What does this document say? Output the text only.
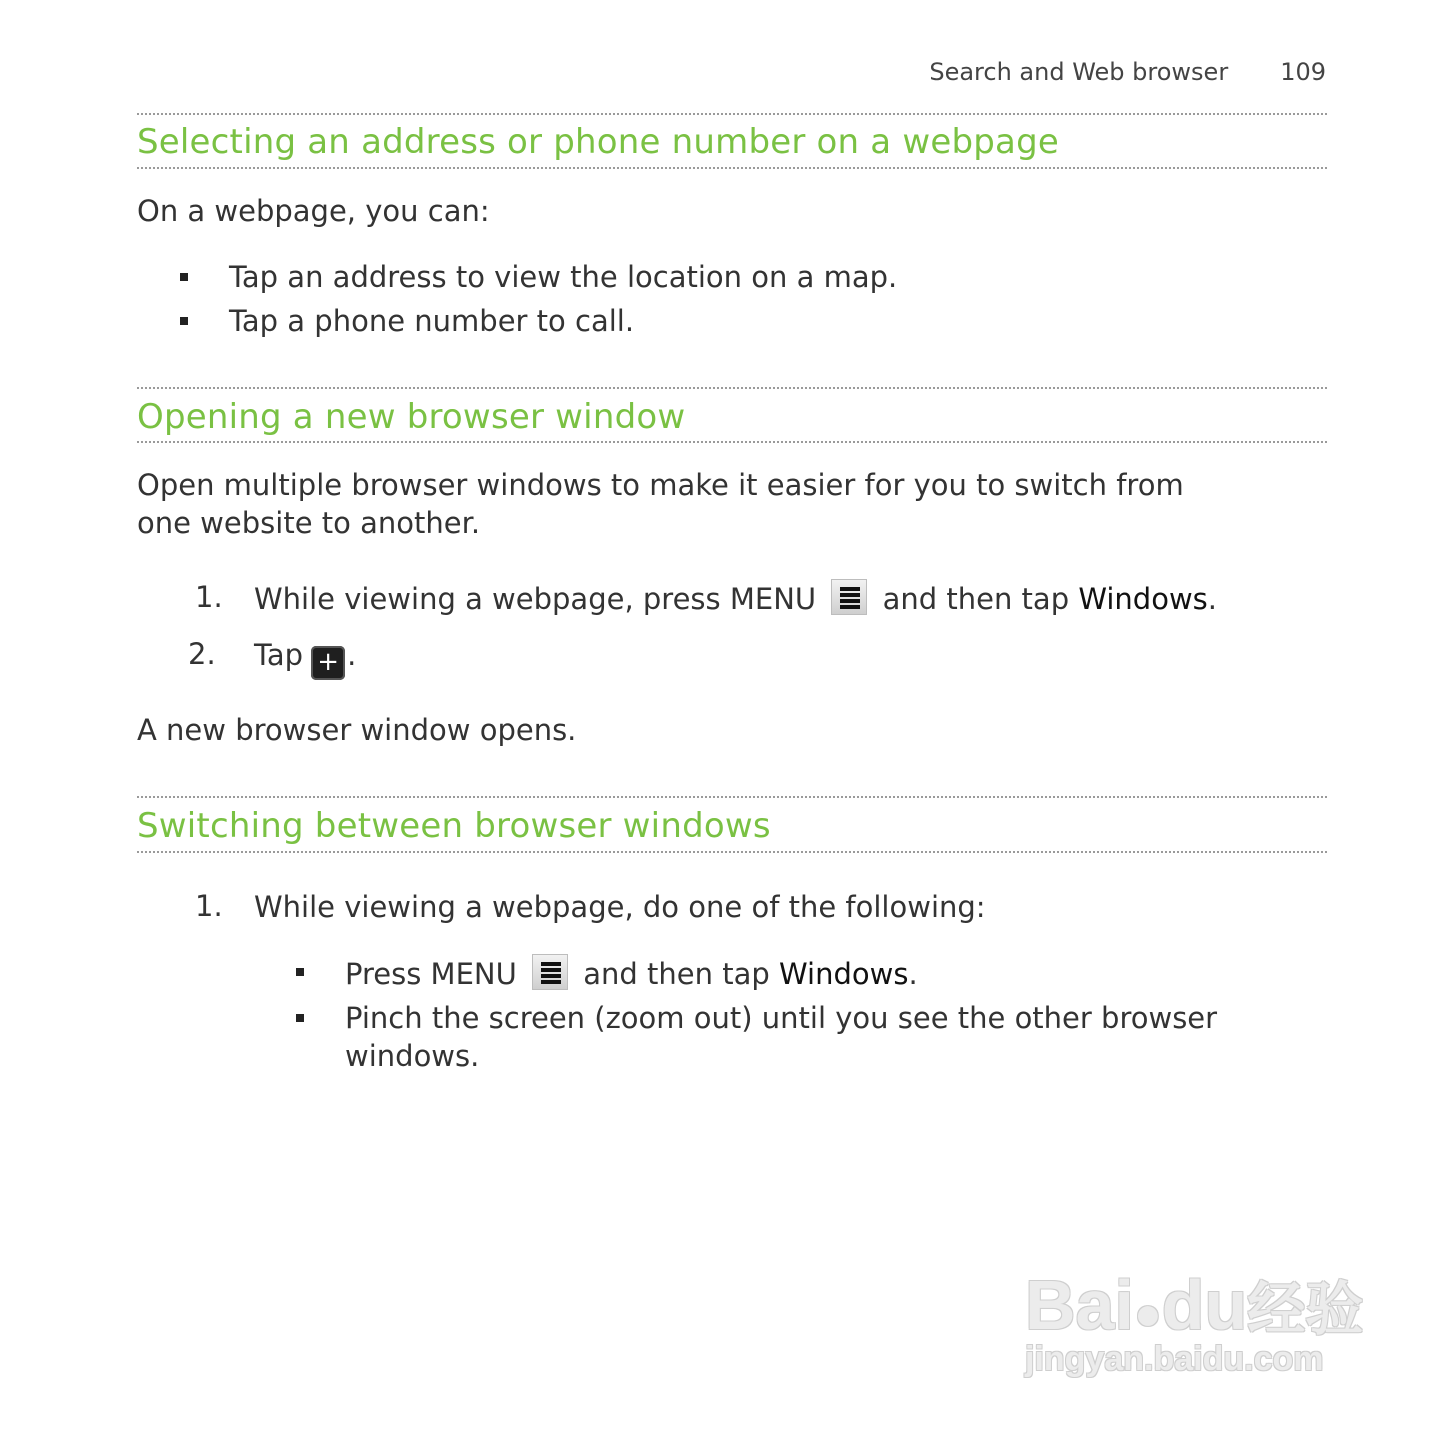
Search and Web browser 109
Selecting an address or phone number on a webpage
On a webpage, you can:
Tap an address to view the location on a map.
Tap a phone number to call.
Opening a new browser window
Open multiple browser windows to make it easier for you to switch from
one website to another.
1. While viewing a webpage, press MENU and then tap Windows.
2. Tap + .
A new browser window opens.
Switching between browser windows
1. While viewing a webpage, do one of the following:
Press MENU and then tap Windows.
Pinch the screen (zoom out) until you see the other browser
windows.
Bai●du经验
jingyan.baidu.com
